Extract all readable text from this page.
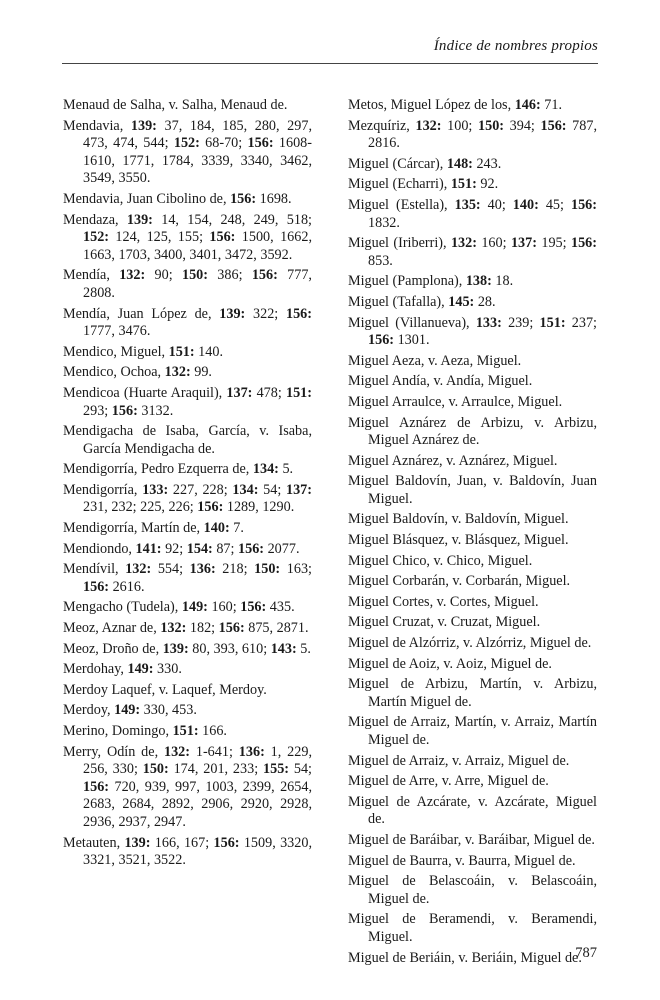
Índice de nombres propios

Menaud de Salha, v. Salha, Menaud de.

Mendavia, 139: 37, 184, 185, 280, 297, 473, 474, 544; 152: 68-70; 156: 1608-1610, 1771, 1784, 3339, 3340, 3462, 3549, 3550.

Mendavia, Juan Cibolino de, 156: 1698.

Mendaza, 139: 14, 154, 248, 249, 518; 152: 124, 125, 155; 156: 1500, 1662, 1663, 1703, 3400, 3401, 3472, 3592.

Mendía, 132: 90; 150: 386; 156: 777, 2808.

Mendía, Juan López de, 139: 322; 156: 1777, 3476.

Mendico, Miguel, 151: 140.

Mendico, Ochoa, 132: 99.

Mendicoa (Huarte Araquil), 137: 478; 151: 293; 156: 3132.

Mendigacha de Isaba, García, v. Isaba, García Mendigacha de.

Mendigorría, Pedro Ezquerra de, 134: 5.

Mendigorría, 133: 227, 228; 134: 54; 137: 231, 232; 225, 226; 156: 1289, 1290.

Mendigorría, Martín de, 140: 7.

Mendiondo, 141: 92; 154: 87; 156: 2077.

Mendívil, 132: 554; 136: 218; 150: 163; 156: 2616.

Mengacho (Tudela), 149: 160; 156: 435.

Meoz, Aznar de, 132: 182; 156: 875, 2871.

Meoz, Droño de, 139: 80, 393, 610; 143: 5.

Merdohay, 149: 330.

Merdoy Laquef, v. Laquef, Merdoy.

Merdoy, 149: 330, 453.

Merino, Domingo, 151: 166.

Merry, Odín de, 132: 1-641; 136: 1, 229, 256, 330; 150: 174, 201, 233; 155: 54; 156: 720, 939, 997, 1003, 2399, 2654, 2683, 2684, 2892, 2906, 2920, 2928, 2936, 2937, 2947.

Metauten, 139: 166, 167; 156: 1509, 3320, 3321, 3521, 3522.

Metos, Miguel López de los, 146: 71.

Mezquíriz, 132: 100; 150: 394; 156: 787, 2816.

Miguel (Cárcar), 148: 243.

Miguel (Echarri), 151: 92.

Miguel (Estella), 135: 40; 140: 45; 156: 1832.

Miguel (Iriberri), 132: 160; 137: 195; 156: 853.

Miguel (Pamplona), 138: 18.

Miguel (Tafalla), 145: 28.

Miguel (Villanueva), 133: 239; 151: 237; 156: 1301.

Miguel Aeza, v. Aeza, Miguel.

Miguel Andía, v. Andía, Miguel.

Miguel Arraulce, v. Arraulce, Miguel.

Miguel Aznárez de Arbizu, v. Arbizu, Miguel Aznárez de.

Miguel Aznárez, v. Aznárez, Miguel.

Miguel Baldovín, Juan, v. Baldovín, Juan Miguel.

Miguel Baldovín, v. Baldovín, Miguel.

Miguel Blásquez, v. Blásquez, Miguel.

Miguel Chico, v. Chico, Miguel.

Miguel Corbarán, v. Corbarán, Miguel.

Miguel Cortes, v. Cortes, Miguel.

Miguel Cruzat, v. Cruzat, Miguel.

Miguel de Alzórriz, v. Alzórriz, Miguel de.

Miguel de Aoiz, v. Aoiz, Miguel de.

Miguel de Arbizu, Martín, v. Arbizu, Martín Miguel de.

Miguel de Arraiz, Martín, v. Arraiz, Martín Miguel de.

Miguel de Arraiz, v. Arraiz, Miguel de.

Miguel de Arre, v. Arre, Miguel de.

Miguel de Azcárate, v. Azcárate, Miguel de.

Miguel de Baráibar, v. Baráibar, Miguel de.

Miguel de Baurra, v. Baurra, Miguel de.

Miguel de Belascoáin, v. Belascoáin, Miguel de.

Miguel de Beramendi, v. Beramendi, Miguel.

Miguel de Beriáin, v. Beriáin, Miguel de.

787
